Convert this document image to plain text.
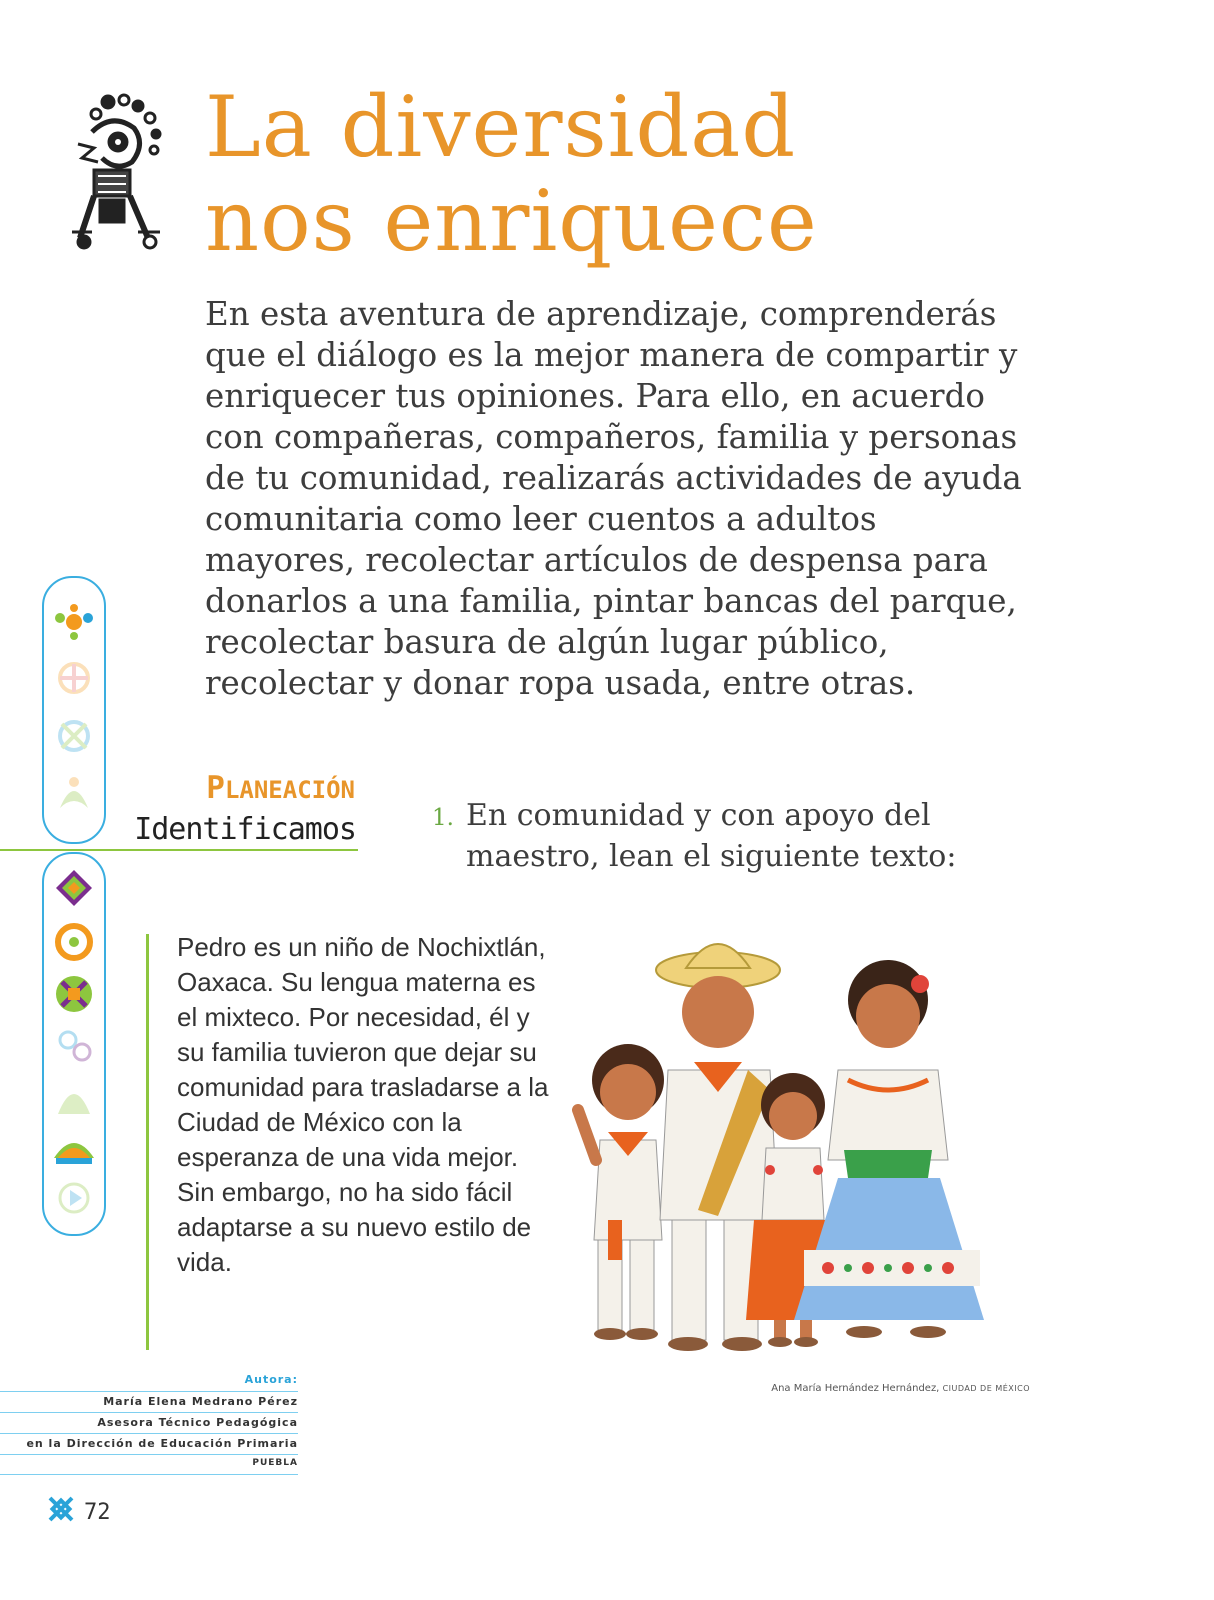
La diversidad
nos enriquece

En esta aventura de aprendizaje, comprenderás que el diálogo es la mejor manera de compartir y enriquecer tus opiniones. Para ello, en acuerdo con compañeras, compañeros, familia y personas de tu comunidad, realizarás actividades de ayuda comunitaria como leer cuentos a adultos mayores, recolectar artículos de despensa para donarlos a una familia, pintar bancas del parque, recolectar basura de algún lugar público, recolectar y donar ropa usada, entre otras.

PLANEACIÓN

Identificamos	1. En comunidad y con apoyo del maestro, lean el siguiente texto:

Pedro es un niño de Nochixtlán, Oaxaca. Su lengua materna es el mixteco. Por necesidad, él y su familia tuvieron que dejar su comunidad para trasladarse a la Ciudad de México con la esperanza de una vida mejor. Sin embargo, no ha sido fácil adaptarse a su nuevo estilo de vida.

Ana María Hernández Hernández, CIUDAD DE MÉXICO

Autora:
María Elena Medrano Pérez
Asesora Técnico Pedagógica
en la Dirección de Educación Primaria
PUEBLA

72
